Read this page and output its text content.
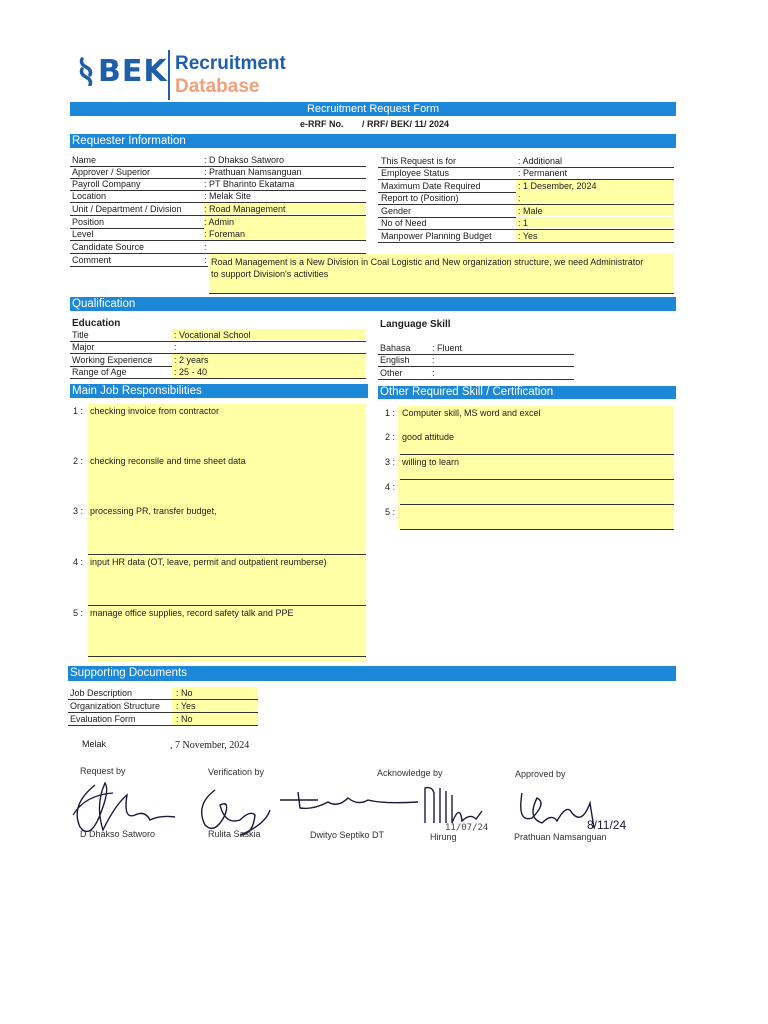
BEK Recruitment
Database
Recruitment Request Form
e-RRF No. / RRF/ BEK/ 11/ 2024
Requester Information
Name	: D Dhakso Satworo
Approver / Superior	: Prathuan Namsanguan
Payroll Company	: PT Bharinto Ekatama
Location	: Melak Site
Unit / Department / Division : Road Management
Position	: Admin
Level	: Foreman
Candidate Source	:
This Request is for	: Additional
Employee Status	: Permanent
Maximum Date Required	: 1 Desember, 2024
Report to (Position)	:
Gender	: Male
No of Need	: 1
Manpower Planning Budget	: Yes
Comment	: Road Management is a New Division in Coal Logistic and New organization structure, we need Administrator
to support Division's activities
Qualification
Education	Language Skill
Title	: Vocational School
Major	:
Working Experience : 2 years
Range of Age	: 25 - 40
Bahasa : Fluent
English :
Other	:
Main Job Responsibilities	Other Required Skill / Certification
1 : checking invoice from contractor
2 : checking reconsile and time sheet data
3 : processing PR, transfer budget,
4 : input HR data (OT, leave, permit and outpatient reumberse)
5 : manage office supplies, record safety talk and PPE
1 : Computer skill, MS word and excel
2 : good attitude
3 : willing to learn
4 :
5 :
Supporting Documents
Job Description	: No
Organization Structure : Yes
Evaluation Form	: No
Melak	, 7 November, 2024
Request by	Verification by	Acknowledge by	Approved by
11/07/24	8/11/24
D Dhakso Satworo	Rulita Saskia	Dwityo Septiko DT	Hirung	Prathuan Namsanguan
